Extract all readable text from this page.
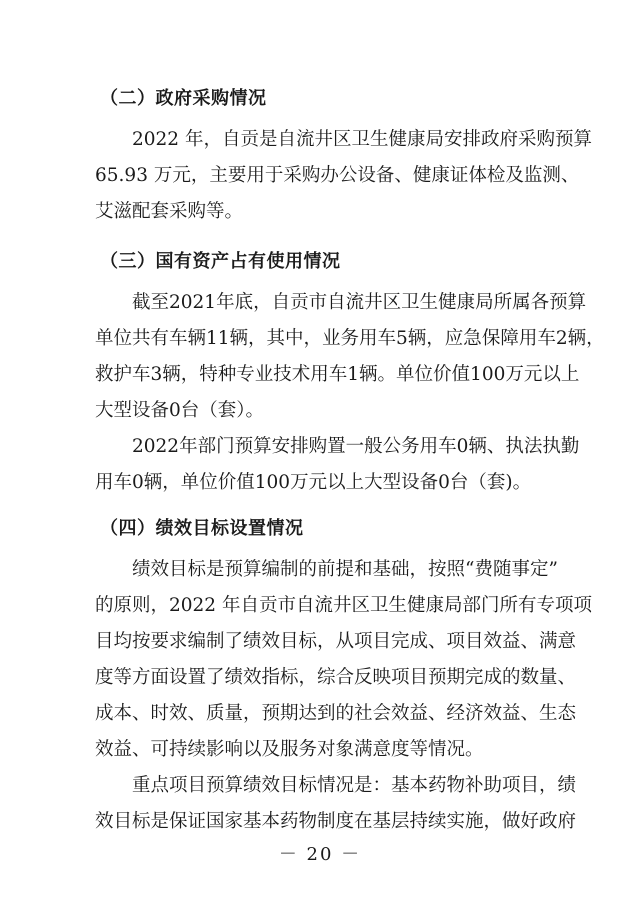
（二）政府采购情况
2022 年，自贡是自流井区卫生健康局安排政府采购预算
65.93 万元，主要用于采购办公设备、健康证体检及监测、
艾滋配套采购等。
（三）国有资产占有使用情况
截至2021年底，自贡市自流井区卫生健康局所属各预算
单位共有车辆11辆，其中，业务用车5辆，应急保障用车2辆，
救护车3辆，特种专业技术用车1辆。单位价值100万元以上
大型设备0台（套）。
2022年部门预算安排购置一般公务用车0辆、执法执勤
用车0辆，单位价值100万元以上大型设备0台（套)。
（四）绩效目标设置情况
绩效目标是预算编制的前提和基础，按照“费随事定”
的原则，2022 年自贡市自流井区卫生健康局部门所有专项项
目均按要求编制了绩效目标，从项目完成、项目效益、满意
度等方面设置了绩效指标，综合反映项目预期完成的数量、
成本、时效、质量，预期达到的社会效益、经济效益、生态
效益、可持续影响以及服务对象满意度等情况。
重点项目预算绩效目标情况是：基本药物补助项目，绩
效目标是保证国家基本药物制度在基层持续实施，做好政府
－ 20 －
